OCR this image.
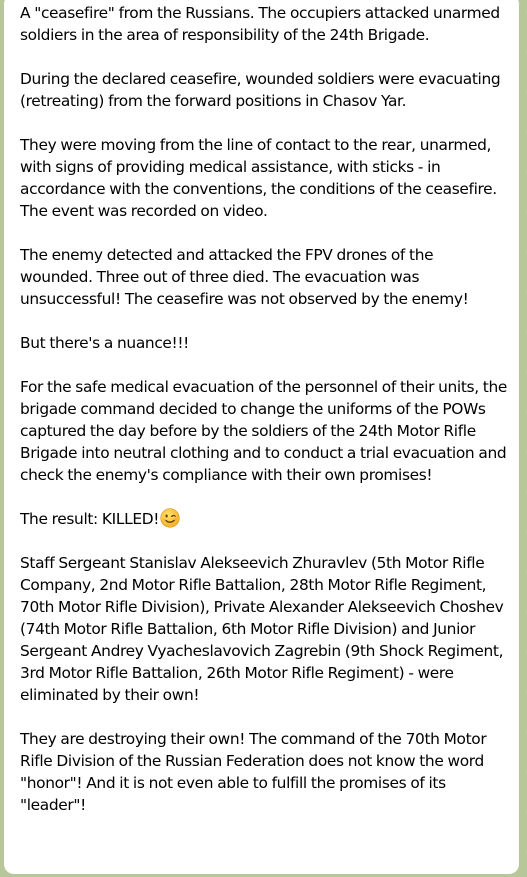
A "ceasefire" from the Russians. The occupiers attacked unarmed soldiers in the area of responsibility of the 24th Brigade.

During the declared ceasefire, wounded soldiers were evacuating (retreating) from the forward positions in Chasov Yar.

They were moving from the line of contact to the rear, unarmed, with signs of providing medical assistance, with sticks - in accordance with the conventions, the conditions of the ceasefire. The event was recorded on video.

The enemy detected and attacked the FPV drones of the wounded. Three out of three died. The evacuation was unsuccessful! The ceasefire was not observed by the enemy!

But there's a nuance!!!

For the safe medical evacuation of the personnel of their units, the brigade command decided to change the uniforms of the POWs captured the day before by the soldiers of the 24th Motor Rifle Brigade into neutral clothing and to conduct a trial evacuation and check the enemy's compliance with their own promises!

The result: KILLED!

Staff Sergeant Stanislav Alekseevich Zhuravlev (5th Motor Rifle Company, 2nd Motor Rifle Battalion, 28th Motor Rifle Regiment, 70th Motor Rifle Division), Private Alexander Alekseevich Choshev (74th Motor Rifle Battalion, 6th Motor Rifle Division) and Junior Sergeant Andrey Vyacheslavovich Zagrebin (9th Shock Regiment, 3rd Motor Rifle Battalion, 26th Motor Rifle Regiment) - were eliminated by their own!

They are destroying their own! The command of the 70th Motor Rifle Division of the Russian Federation does not know the word "honor"! And it is not even able to fulfill the promises of its "leader"!
